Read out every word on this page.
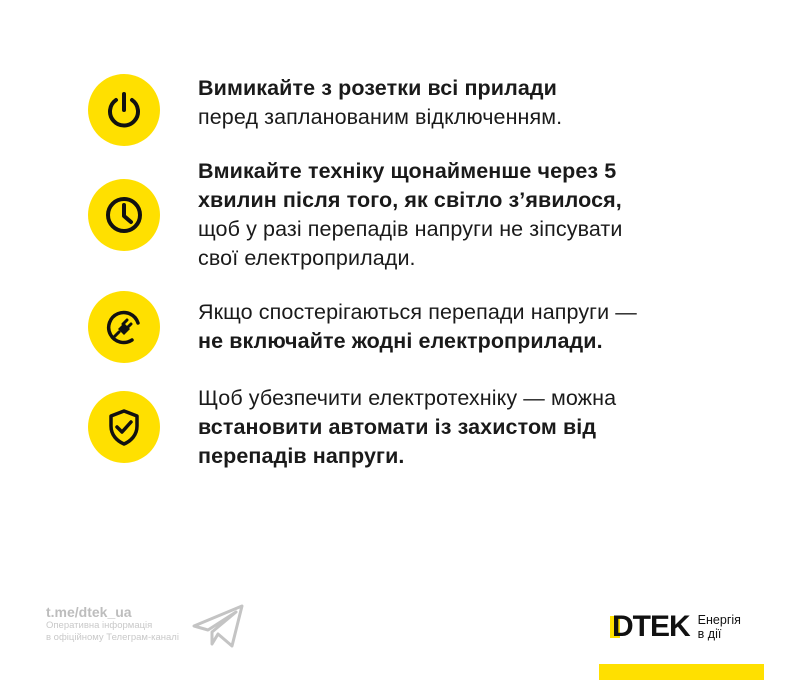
Вимикайте з розетки всі прилади
перед запланованим відключенням.
Вмикайте техніку щонайменше через 5
хвилин після того, як світло з’явилося,
щоб у разі перепадів напруги не зіпсувати
свої електроприлади.
Якщо спостерігаються перепади напруги —
не включайте жодні електроприлади.
Щоб убезпечити електротехніку — можна
встановити автомати із захистом від
перепадів напруги.
t.me/dtek_ua
Оперативна інформація
в офіційному Телеграм-каналі	DTEK Енергія
в дії
